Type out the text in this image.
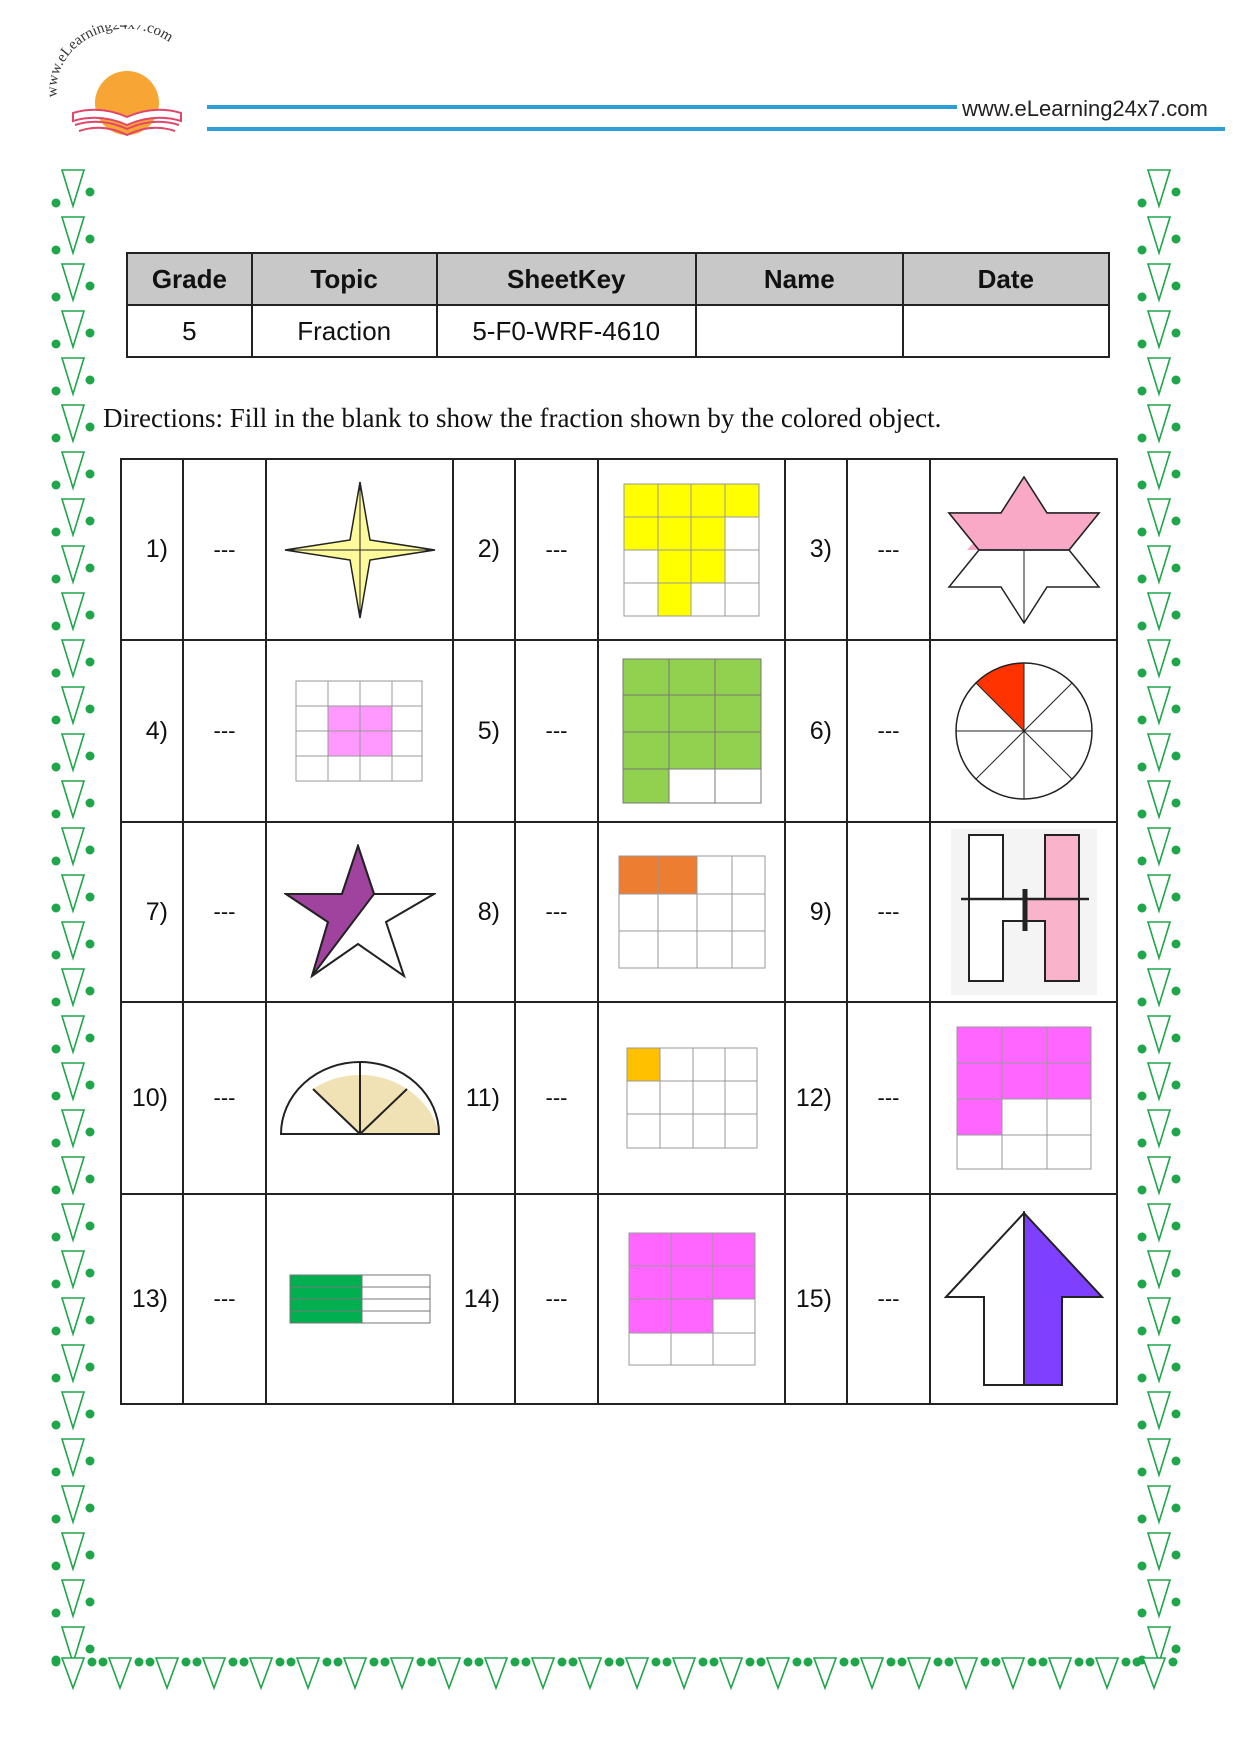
www.eLearning2 7.com
www.eLearning24x7.com
Grade	Topic	SheetKey	Name	Date
5	Fraction	5-F0-WRF-4610		
Directions: Fill in the blank to show the fraction shown by the colored object.
1)	---		2)	---		3)	---	

4)	---		5)	---		6)	---	

7)	---		8)	---		9)	---	

10)	---		11)	---		12)	---	

13)	---		14)	---		15)	---	
